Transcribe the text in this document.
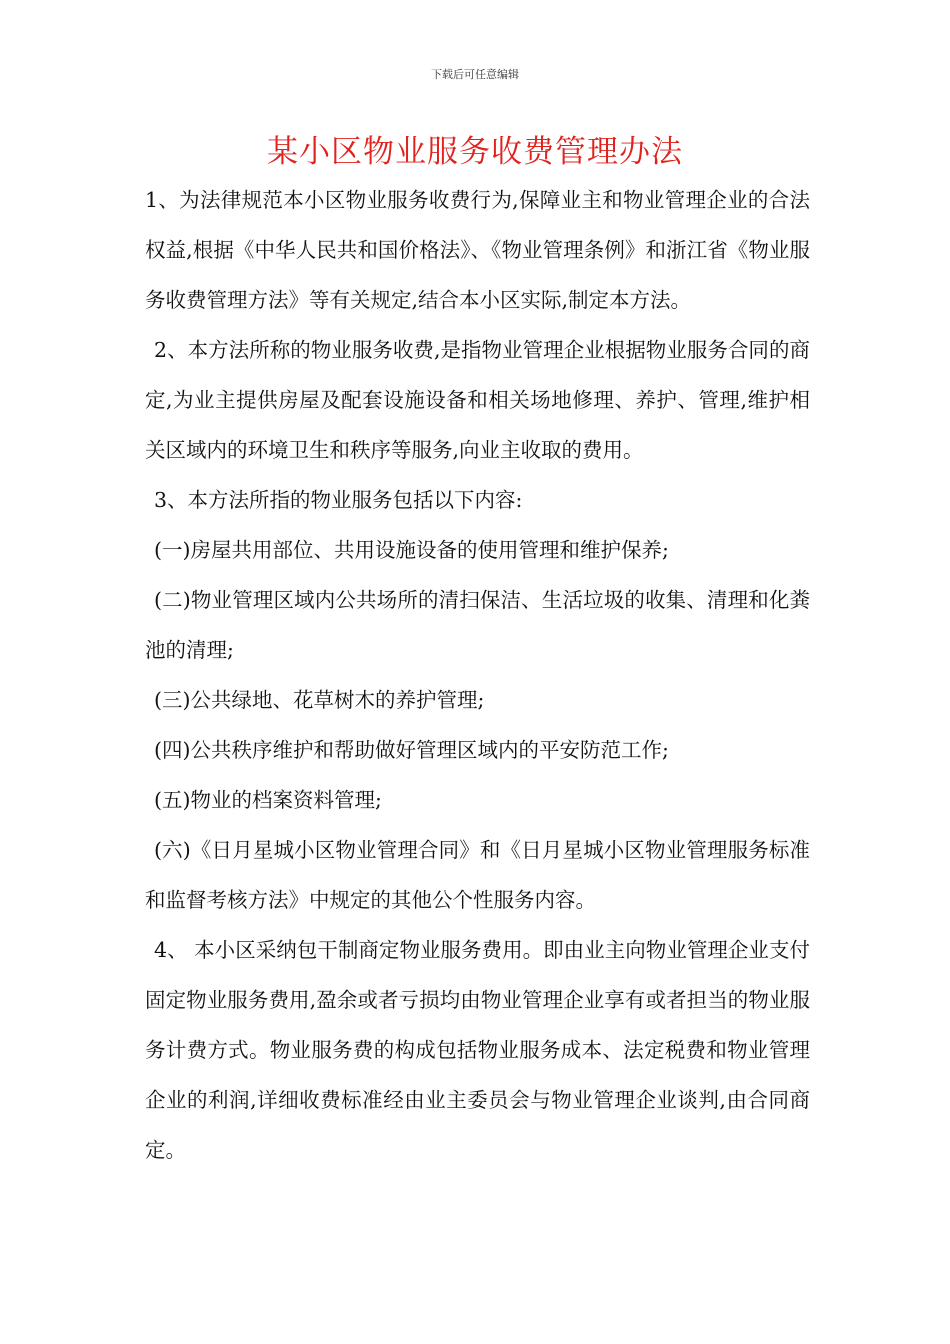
下载后可任意编辑
某小区物业服务收费管理办法

1、为法律规范本小区物业服务收费行为,保障业主和物业管理企业的合法权益,根据《中华人民共和国价格法》、《物业管理条例》和浙江省《物业服务收费管理方法》等有关规定,结合本小区实际,制定本方法。

2、本方法所称的物业服务收费,是指物业管理企业根据物业服务合同的商定,为业主提供房屋及配套设施设备和相关场地修理、养护、管理,维护相关区域内的环境卫生和秩序等服务,向业主收取的费用。

3、本方法所指的物业服务包括以下内容:

(一)房屋共用部位、共用设施设备的使用管理和维护保养;

(二)物业管理区域内公共场所的清扫保洁、生活垃圾的收集、清理和化粪池的清理;

(三)公共绿地、花草树木的养护管理;

(四)公共秩序维护和帮助做好管理区域内的平安防范工作;

(五)物业的档案资料管理;

(六)《日月星城小区物业管理合同》和《日月星城小区物业管理服务标准和监督考核方法》中规定的其他公个性服务内容。

4、 本小区采纳包干制商定物业服务费用。即由业主向物业管理企业支付固定物业服务费用,盈余或者亏损均由物业管理企业享有或者担当的物业服务计费方式。物业服务费的构成包括物业服务成本、法定税费和物业管理企业的利润,详细收费标准经由业主委员会与物业管理企业谈判,由合同商定。
